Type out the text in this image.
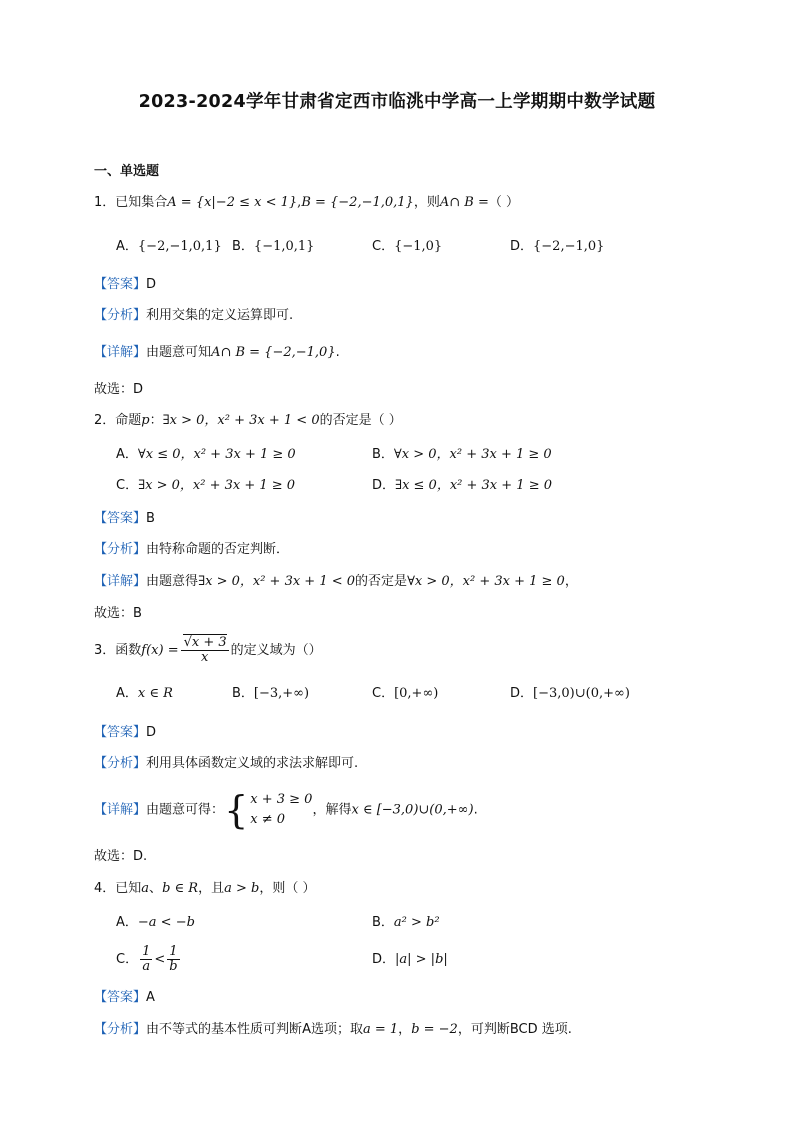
2023-2024学年甘肃省定西市临洮中学高一上学期期中数学试题
一、单选题
1．已知集合A = {x|−2 ≤ x < 1},B = {−2,−1,0,1}，则A∩ B =（ ）
A．{−2,−1,0,1} B．{−1,0,1}	C．{−1,0}	D．{−2,−1,0}
【答案】D
【分析】利用交集的定义运算即可.
【详解】由题意可知A∩ B = {−2,−1,0}.
故选：D
2．命题p：∃x > 0，x² + 3x + 1 < 0的否定是（ ）
A．∀x ≤ 0，x² + 3x + 1 ≥ 0	B．∀x > 0，x² + 3x + 1 ≥ 0
C．∃x > 0，x² + 3x + 1 ≥ 0	D．∃x ≤ 0，x² + 3x + 1 ≥ 0
【答案】B
【分析】由特称命题的否定判断．
【详解】由题意得∃x > 0，x² + 3x + 1 < 0的否定是∀x > 0，x² + 3x + 1 ≥ 0，
故选：B
3．函数$f(x) = \frac{√x + 3}{x}$ 的定义域为（）
A．x ∈ R	B．[−3,+∞)	C．[0,+∞)	D．[−3,0)∪(0,+∞)
【答案】D
【分析】利用具体函数定义域的求法求解即可.
【详解】由题意可得： { x + 3 ≥ 0
x ≠ 0
，解得x ∈ [−3,0)∪(0,+∞).
故选：D.
4．已知a、b ∈ R，且a > b，则（ ）
A．−a < −b	B．a² > b²
C． $\frac{1}{a} < \frac{1}{b}$	D．|a| > |b|
【答案】A
【分析】由不等式的基本性质可判断A选项；取a = 1，b = −2，可判断BCD 选项.
